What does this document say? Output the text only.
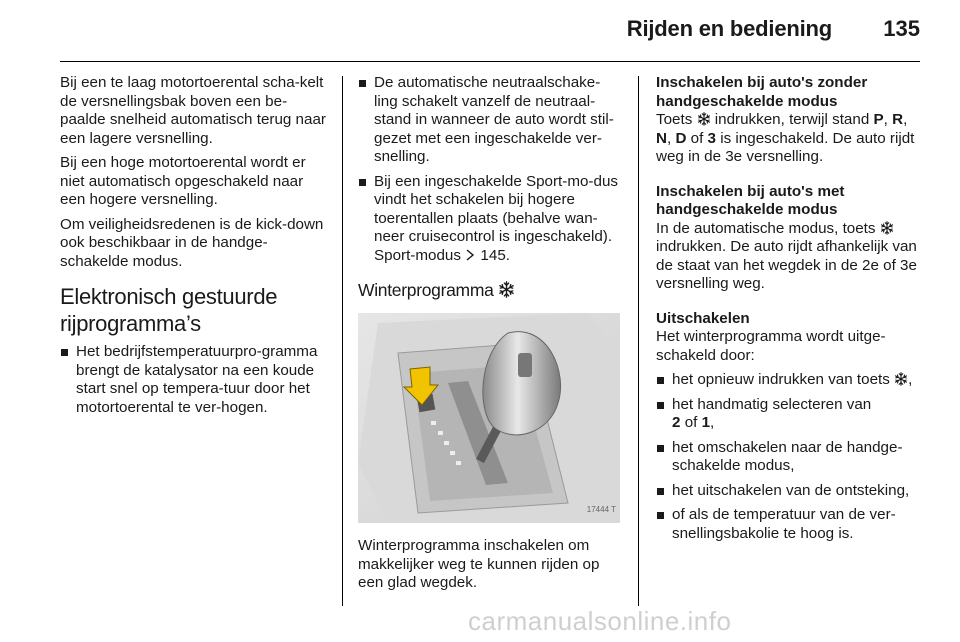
Rijden en bediening 135

Bij een te laag motortoerental scha-kelt de versnellingsbak boven een be-paalde snelheid automatisch terug naar een lagere versnelling.

Bij een hoge motortoerental wordt er niet automatisch opgeschakeld naar een hogere versnelling.

Om veiligheidsredenen is de kick-down ook beschikbaar in de handge-schakelde modus.

Elektronisch gestuurde rijprogramma’s
Het bedrijfstemperatuurpro-gramma brengt de katalysator na een koude start snel op tempera-tuur door het motortoerental te ver-hogen.
De automatische neutraalschake-ling schakelt vanzelf de neutraal-stand in wanneer de auto wordt stil-gezet met een ingeschakelde ver-snelling.
Bij een ingeschakelde Sport-mo-dus vindt het schakelen bij hogere toerentallen plaats (behalve wan-neer cruisecontrol is ingeschakeld). Sport-modus 145.
Winterprogramma
17444 T

Winterprogramma inschakelen om makkelijker weg te kunnen rijden op een glad wegdek.

Inschakelen bij auto's zonder handgeschakelde modus

Toets indrukken, terwijl stand P, R, N, D of 3 is ingeschakeld. De auto rijdt weg in de 3e versnelling.

Inschakelen bij auto's met handgeschakelde modus

In de automatische modus, toets
indrukken. De auto rijdt afhankelijk van de staat van het wegdek in de 2e of 3e versnelling weg.

Uitschakelen

Het winterprogramma wordt uitge-schakeld door:

het opnieuw indrukken van toets ,
het handmatig selecteren van
2 of 1,
het omschakelen naar de handge-schakelde modus,
het uitschakelen van de ontsteking,
of als de temperatuur van de ver-snellingsbakolie te hoog is.
carmanualsonline.info
